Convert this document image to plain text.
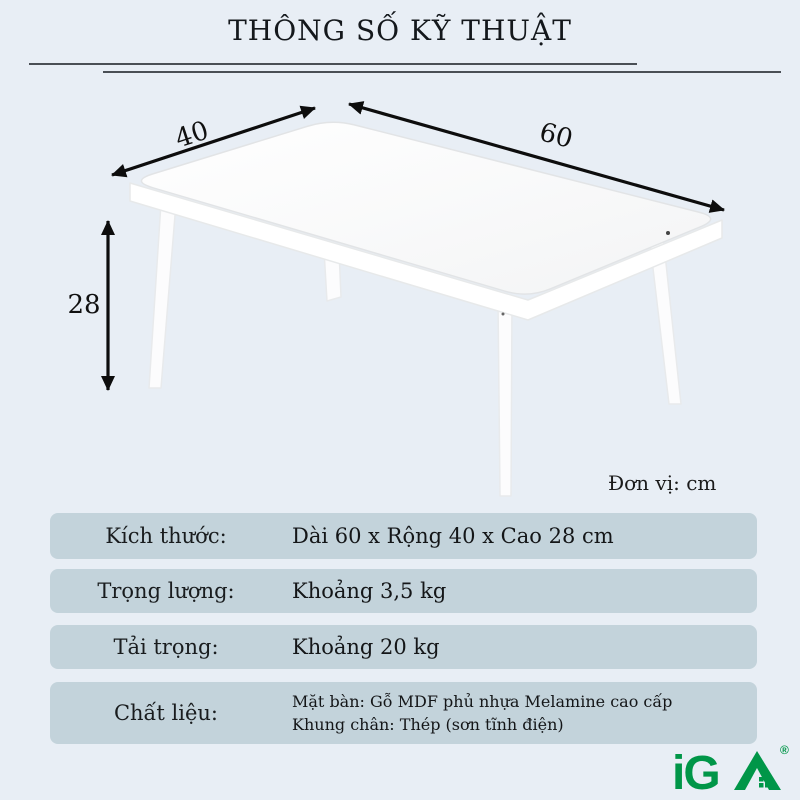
THÔNG SỐ KỸ THUẬT
40	60
28
Đơn vị: cm
Kích thước:	Dài 60 x Rộng 40 x Cao 28 cm
Trọng lượng:	Khoảng 3,5 kg
Tải trọng:	Khoảng 20 kg
Chất liệu:	Mặt bàn: Gỗ MDF phủ nhựa Melamine cao cấp
Khung chân: Thép (sơn tĩnh điện)
iG	®
